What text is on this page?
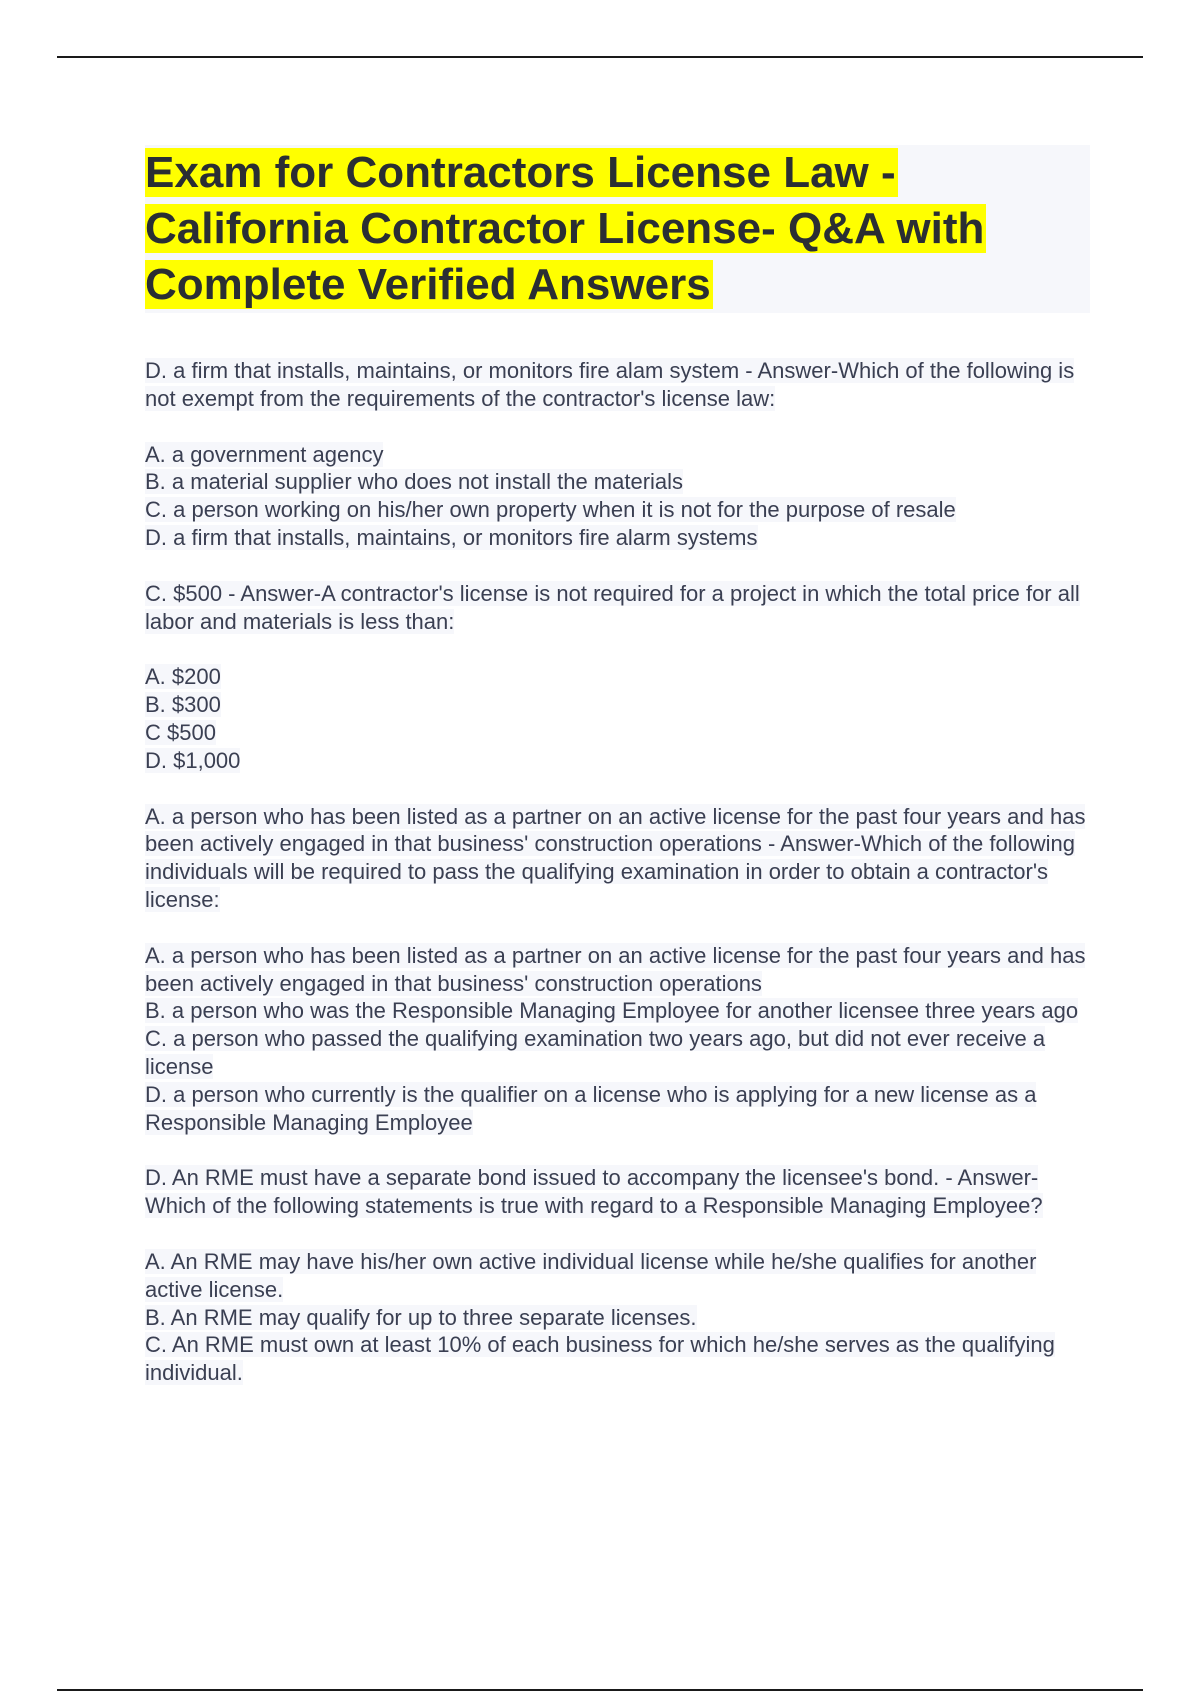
Exam for Contractors License Law - California Contractor License- Q&A with Complete Verified Answers

D. a firm that installs, maintains, or monitors fire alam system - Answer-Which of the following is not exempt from the requirements of the contractor's license law:

A. a government agency
B. a material supplier who does not install the materials
C. a person working on his/her own property when it is not for the purpose of resale
D. a firm that installs, maintains, or monitors fire alarm systems

C. $500 - Answer-A contractor's license is not required for a project in which the total price for all labor and materials is less than:

A. $200
B. $300
C $500
D. $1,000

A. a person who has been listed as a partner on an active license for the past four years and has been actively engaged in that business' construction operations - Answer-Which of the following individuals will be required to pass the qualifying examination in order to obtain a contractor's license:

A. a person who has been listed as a partner on an active license for the past four years and has been actively engaged in that business' construction operations
B. a person who was the Responsible Managing Employee for another licensee three years ago
C. a person who passed the qualifying examination two years ago, but did not ever receive a license
D. a person who currently is the qualifier on a license who is applying for a new license as a Responsible Managing Employee

D. An RME must have a separate bond issued to accompany the licensee's bond. - Answer-Which of the following statements is true with regard to a Responsible Managing Employee?

A. An RME may have his/her own active individual license while he/she qualifies for another active license.
B. An RME may qualify for up to three separate licenses.
C. An RME must own at least 10% of each business for which he/she serves as the qualifying individual.
